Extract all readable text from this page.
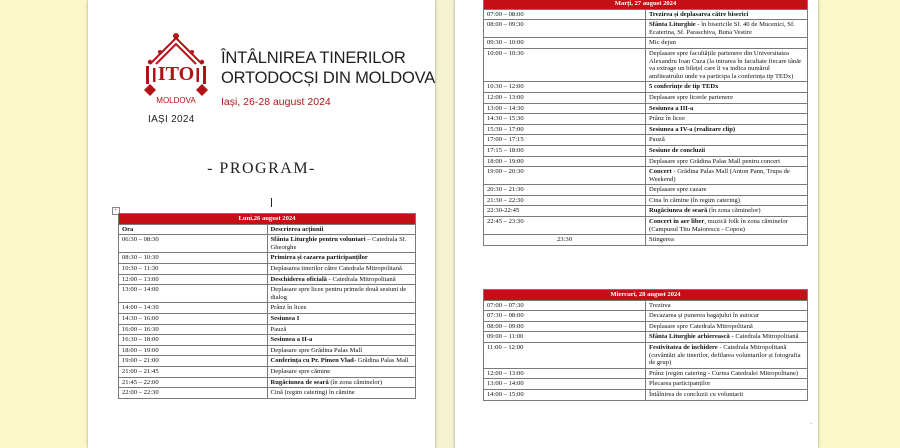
ITO
MOLDOVA
IAȘI 2024
ÎNTÂLNIREA TINERILOR
ORTODOCȘI DIN MOLDOVA
Iași, 26-28 august 2024
- PROGRAM-
+
Luni,26 august 2024	
Ora	Descrierea acțiunii
06:30 – 08:30	Sfânta Liturghie pentru voluntari – Catedrala Sf. Gheorghe
08:30 – 10:30	Primirea și cazarea participanților
10:30 – 11:30	Deplasarea tinerilor către Catedrala Mitropolitană
12:00 – 13:00	Deschiderea oficială - Catedrala Mitropolitană
13:00 – 14:00	Deplasare spre licee pentru primele două sesiuni de dialog
14:00 – 14:30	Prânz în licee
14:30 – 16:00	Sesiunea I
16:00 – 16:30	Pauză
16:30 – 18:00	Sesiunea a II-a
18:00 – 19:00	Deplasare spre Grădina Palas Mall
19:00 – 21:00	Conferința cu Pr. Pimen Vlad- Grădina Palas Mall
21:00 – 21:45	Deplasare spre cămine
21:45 – 22:00	Rugăciunea de seară (în zona căminelor)
22:00 – 22:30	Cină (regim catering) în cămine
Marți, 27 august 2024	
07:00 – 08:00	Trezirea și deplasarea către biserici
08:00 – 09:30	Sfânta Liturghie - în bisericile Sf. 40 de Mucenici, Sf. Ecaterina, Sf. Paraschiva, Buna Vestire
09:30 – 10:00	Mic dejun
10:00 – 10:30	Deplasare spre facultățile partenere din Universitatea Alexandru Ioan Cuza (la intrarea în facultate fiecare tânăr va extrage un bilețel care îi va indica numărul amfiteatrului unde va participa la conferința tip TEDx)
10:30 – 12:00	5 conferințe de tip TEDx
12:00 – 13:00	Deplasare spre liceele partenere
13:00 – 14:30	Sesiunea a III-a
14:30 – 15:30	Prânz în licee
15:30 – 17:00	Sesiunea a IV-a (realizare clip)
17:00 – 17:15	Pauză
17:15 – 18:00	Sesiune de concluzii
18:00 – 19:00	Deplasare spre Grădina Palas Mall pentru concert
19:00 – 20:30	Concert - Grădina Palas Mall (Anton Pann, Trupa de Weekend)
20:30 – 21:30	Deplasare spre cazare
21:30 – 22:30	Cina în cămine (în regim catering)
22:30-22:45	Rugăciunea de seară (în zona căminelor)
22:45 – 23:30	Concert în aer liber, muzică folk în zona căminelor (Campusul Titu Maiorescu - Copou)
23:30	Stingerea
Miercuri, 28 august 2024	
07:00 – 07:30	Trezirea
07:30 – 08:00	Decazarea și punerea bagajului în autocar
08:00 – 09:00	Deplasare spre Catedrala Mitropolitană
09:00 – 11:00	Sfânta Liturghie arhierească - Catedrala Mitropolitană
11:00 – 12:00	Festivitatea de închidere - Catedrala Mitropolitană (cuvântări ale tinerilor, defilarea voluntarilor și fotografia de grup)
12:00 – 13:00	Prânz (regim catering - Curtea Catedralei Mitropolitane)
13:00 – 14:00	Plecarea participanților
14:00 – 15:00	Întâlnirea de concluzii cu voluntarii
⌐
